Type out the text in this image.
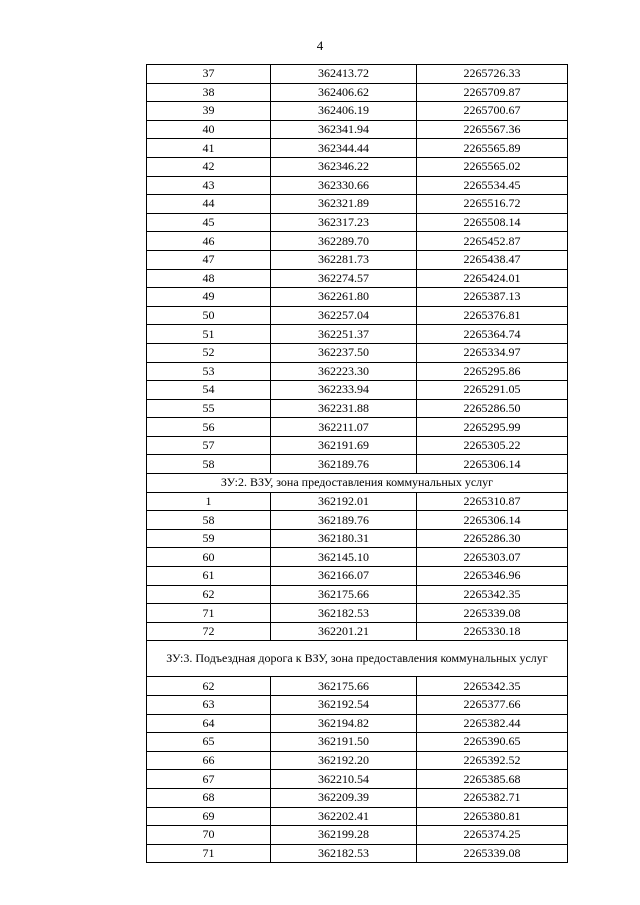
4
37	362413.72	2265726.33
38	362406.62	2265709.87
39	362406.19	2265700.67
40	362341.94	2265567.36
41	362344.44	2265565.89
42	362346.22	2265565.02
43	362330.66	2265534.45
44	362321.89	2265516.72
45	362317.23	2265508.14
46	362289.70	2265452.87
47	362281.73	2265438.47
48	362274.57	2265424.01
49	362261.80	2265387.13
50	362257.04	2265376.81
51	362251.37	2265364.74
52	362237.50	2265334.97
53	362223.30	2265295.86
54	362233.94	2265291.05
55	362231.88	2265286.50
56	362211.07	2265295.99
57	362191.69	2265305.22
58	362189.76	2265306.14
ЗУ:2. ВЗУ, зона предоставления коммунальных услуг		
1	362192.01	2265310.87
58	362189.76	2265306.14
59	362180.31	2265286.30
60	362145.10	2265303.07
61	362166.07	2265346.96
62	362175.66	2265342.35
71	362182.53	2265339.08
72	362201.21	2265330.18
ЗУ:3. Подъездная дорога к ВЗУ, зона предоставления коммунальных услуг		
62	362175.66	2265342.35
63	362192.54	2265377.66
64	362194.82	2265382.44
65	362191.50	2265390.65
66	362192.20	2265392.52
67	362210.54	2265385.68
68	362209.39	2265382.71
69	362202.41	2265380.81
70	362199.28	2265374.25
71	362182.53	2265339.08
